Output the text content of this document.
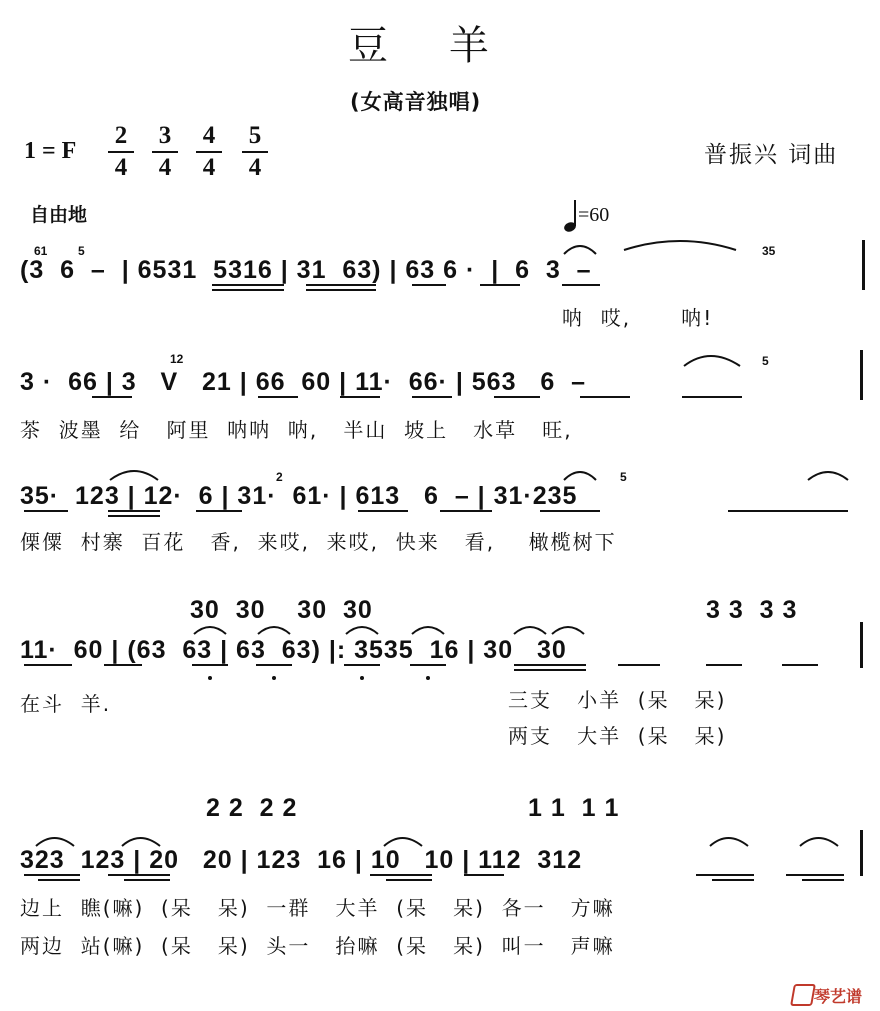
豆    羊
(女高音独唱)
1 = F
2
4
3
4
4
4
5
4	普振兴 词曲
自由地	=60
(3  6  –  | 6531  5316 | 31  63) | 63 6 ·  |  6  3  –
61	5	35
呐  哎,      呐!
3 ·  66 | 3   V   21 | 66  60 | 11·  66· | 563   6  –
12	5
茶  波墨  给   阿里  呐呐  呐,   半山  坡上   水草   旺,
35·  123 | 12·  6 | 31·  61· | 613   6  – | 31·235
2	5
傈僳  村寨  百花   香,  来哎,  来哎,  快来   看,    橄榄树下
30  30    30  30	3 3  3 3
11·  60 | (63  63 | 63  63) |: 3535  16 | 30   30
在斗  羊.	三支   小羊  (呆   呆)
两支   大羊  (呆   呆)
2 2  2 2	1 1  1 1
323  123 | 20   20 | 123  16 | 10   10 | 112  312
边上  瞧(嘛)  (呆   呆)  一群   大羊  (呆   呆)  各一   方嘛
两边  站(嘛)  (呆   呆)  头一   抬嘛  (呆   呆)  叫一   声嘛
琴艺谱
